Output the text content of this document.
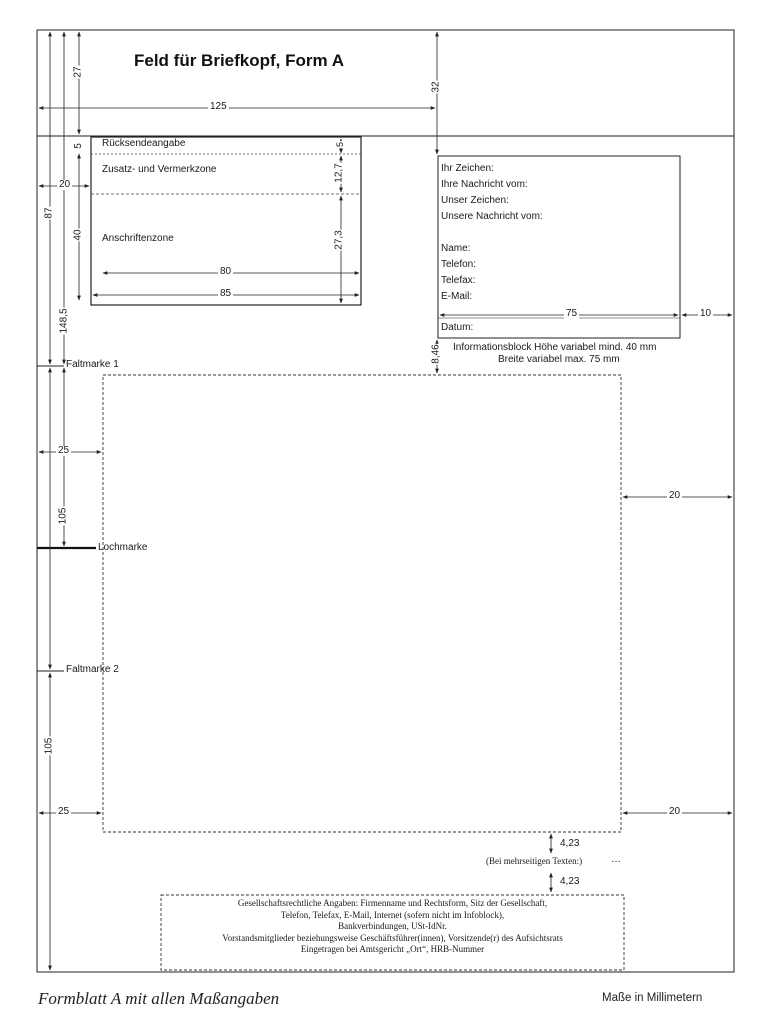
Feld für Briefkopf, Form A
Rücksendeangabe
Zusatz- und Vermerkzone
Anschriftenzone
Ihr Zeichen:
Ihre Nachricht vom:
Unser Zeichen:
Unsere Nachricht vom:
Name:
Telefon:
Telefax:
E-Mail:
Datum:
Informationsblock Höhe variabel mind. 40 mm
Breite variabel max. 75 mm
Faltmarke 1
Lochmarke
Faltmarke 2
125
20
80
85
75	10
25
20
25	20
27
5
87
40
148,5
32
5
12,7
27,3
8,46
105
105
4,23
(Bei mehrseitigen Texten:)	…
4,23
Gesellschaftsrechtliche Angaben: Firmenname und Rechtsform, Sitz der Gesellschaft,
Telefon, Telefax, E-Mail, Internet (sofern nicht im Infoblock),
Bankverbindungen, USt-IdNr.
Vorstandsmitglieder beziehungsweise Geschäftsführer(innen), Vorsitzende(r) des Aufsichtsrats
Eingetragen bei Amtsgericht „Ort“, HRB-Nummer
Formblatt A mit allen Maßangaben	Maße in Millimetern
